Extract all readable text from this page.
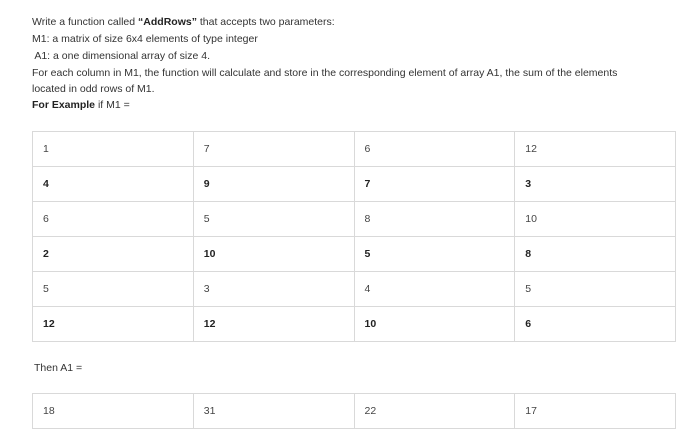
Write a function called “AddRows” that accepts two parameters:
M1: a matrix of size 6x4 elements of type integer
A1: a one dimensional array of size 4.
For each column in M1, the function will calculate and store in the corresponding element of array A1, the sum of the elements
located in odd rows of M1.
For Example if M1 =
1	7	6	12
4	9	7	3
6	5	8	10
2	10	5	8
5	3	4	5
12	12	10	6
Then A1 =
18	31	22	17
